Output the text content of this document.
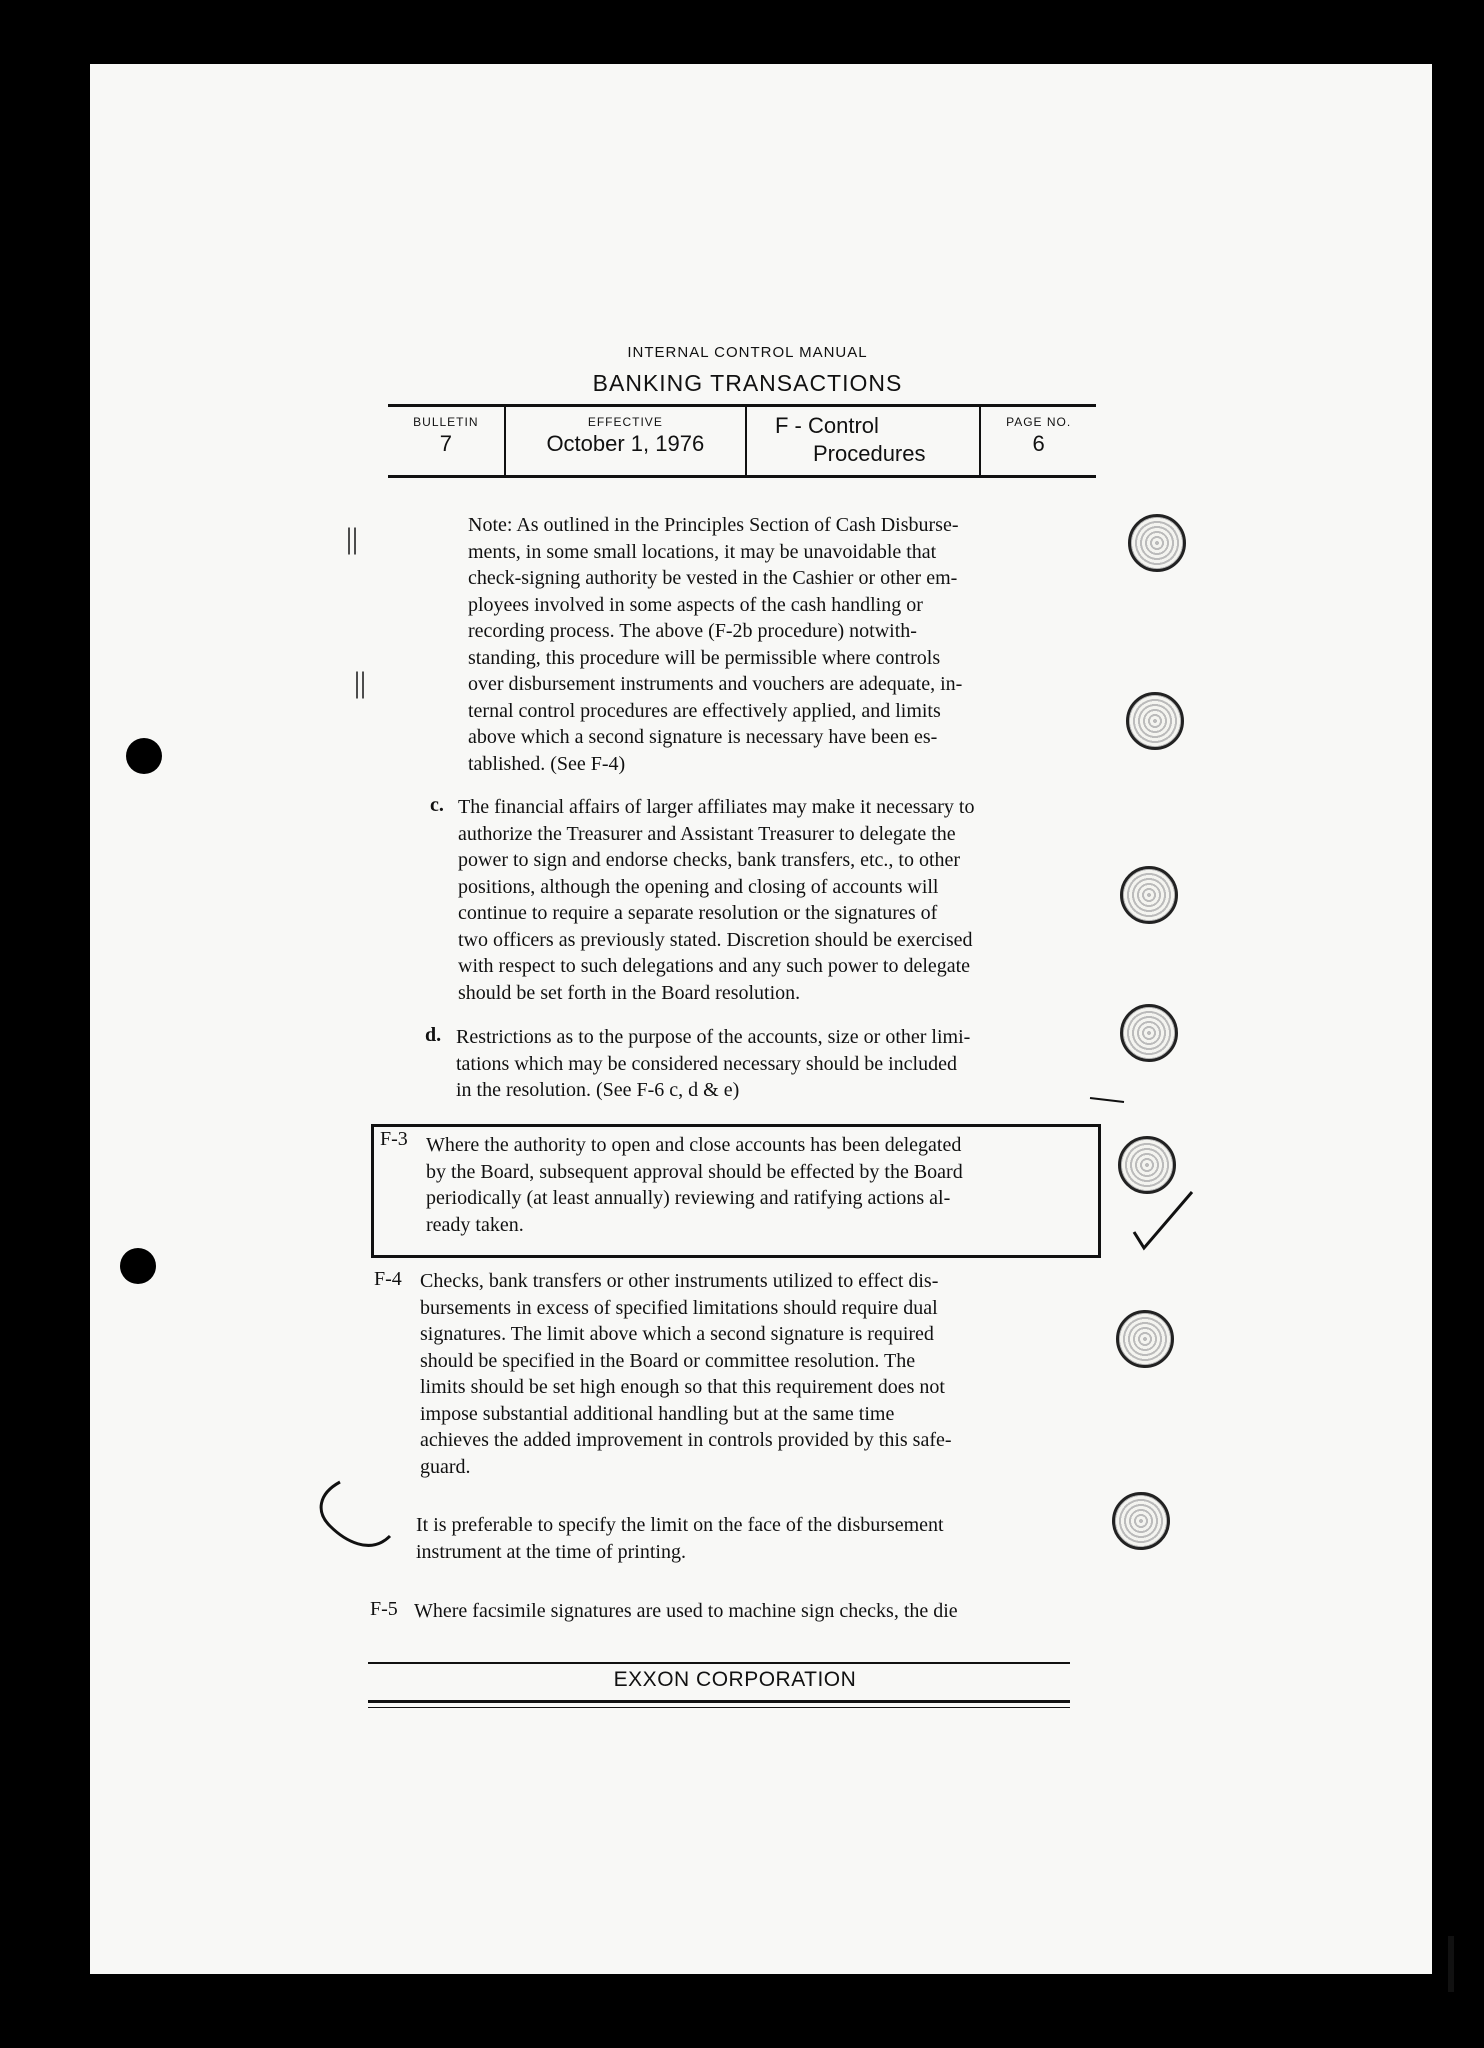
INTERNAL CONTROL MANUAL
BANKING TRANSACTIONS
BULLETIN
7
EFFECTIVE
October 1, 1976
F - Control
Procedures
PAGE NO.
6
||
||
Note: As outlined in the Principles Section of Cash Disburse-
ments, in some small locations, it may be unavoidable that
check-signing authority be vested in the Cashier or other em-
ployees involved in some aspects of the cash handling or
recording process. The above (F-2b procedure) notwith-
standing, this procedure will be permissible where controls
over disbursement instruments and vouchers are adequate, in-
ternal control procedures are effectively applied, and limits
above which a second signature is necessary have been es-
tablished. (See F-4)
c. The financial affairs of larger affiliates may make it necessary to
authorize the Treasurer and Assistant Treasurer to delegate the
power to sign and endorse checks, bank transfers, etc., to other
positions, although the opening and closing of accounts will
continue to require a separate resolution or the signatures of
two officers as previously stated. Discretion should be exercised
with respect to such delegations and any such power to delegate
should be set forth in the Board resolution.
d. Restrictions as to the purpose of the accounts, size or other limi-
tations which may be considered necessary should be included
in the resolution. (See F-6 c, d & e)
F-3 Where the authority to open and close accounts has been delegated
by the Board, subsequent approval should be effected by the Board
periodically (at least annually) reviewing and ratifying actions al-
ready taken.
F-4 Checks, bank transfers or other instruments utilized to effect dis-
bursements in excess of specified limitations should require dual
signatures. The limit above which a second signature is required
should be specified in the Board or committee resolution. The
limits should be set high enough so that this requirement does not
impose substantial additional handling but at the same time
achieves the added improvement in controls provided by this safe-
guard.
It is preferable to specify the limit on the face of the disbursement
instrument at the time of printing.
F-5 Where facsimile signatures are used to machine sign checks, the die
EXXON CORPORATION
